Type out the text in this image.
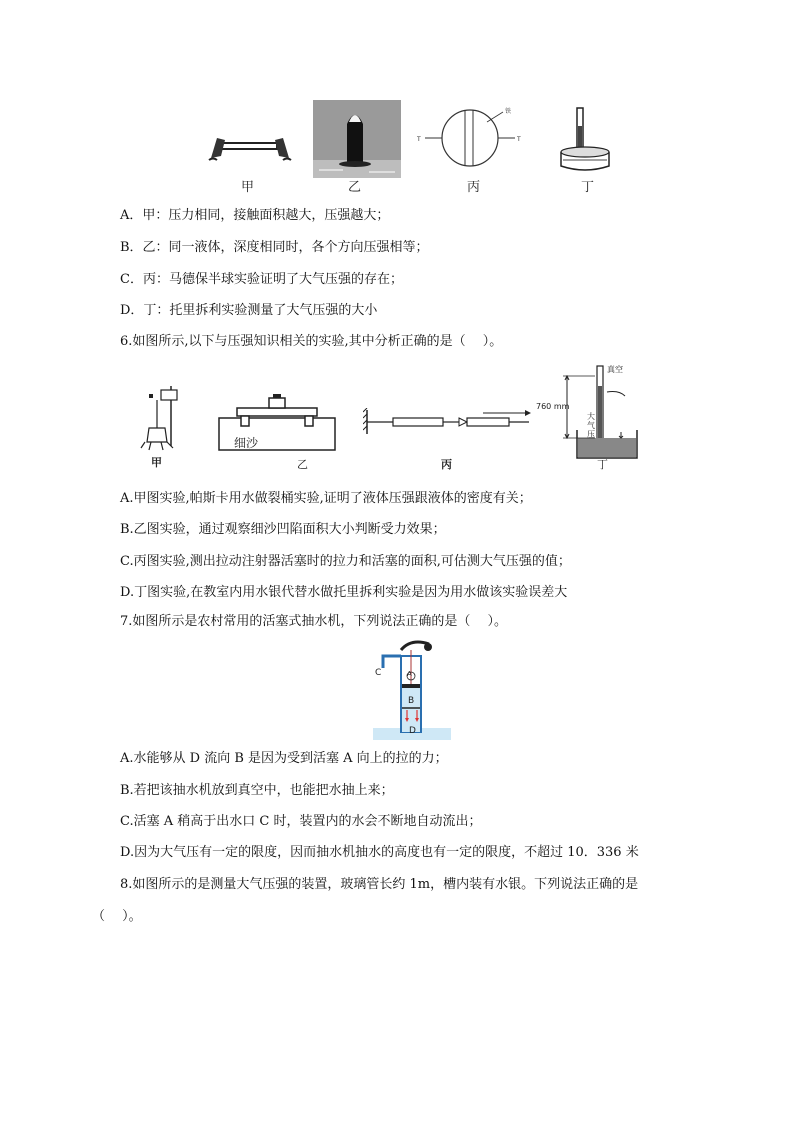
T	T
铁
甲	乙	丙	丁
A．甲：压力相同，接触面积越大，压强越大；
B．乙：同一液体，深度相同时，各个方向压强相等；
C．丙：马德保半球实验证明了大气压强的存在；
D．丁：托里拆利实验测量了大气压强的大小
6.如图所示,以下与压强知识相关的实验,其中分析正确的是（　 ）。
细沙
760 mm
真空
大气压
甲	乙	丙	丁
A.甲图实验,帕斯卡用水做裂桶实验,证明了液体压强跟液体的密度有关；
B.乙图实验，通过观察细沙凹陷面积大小判断受力效果；
C.丙图实验,测出拉动注射器活塞时的拉力和活塞的面积,可估测大气压强的值；
D.丁图实验,在教室内用水银代替水做托里拆利实验是因为用水做该实验误差大
7.如图所示是农村常用的活塞式抽水机，下列说法正确的是（　 ）。
C	A
B
D
A.水能够从 D 流向 B 是因为受到活塞 A 向上的拉的力；
B.若把该抽水机放到真空中，也能把水抽上来；
C.活塞 A 稍高于出水口 C 时，装置内的水会不断地自动流出；
D.因为大气压有一定的限度，因而抽水机抽水的高度也有一定的限度，不超过 10．336 米
8.如图所示的是测量大气压强的装置，玻璃管长约 1m，槽内装有水银。下列说法正确的是
（　 ）。
